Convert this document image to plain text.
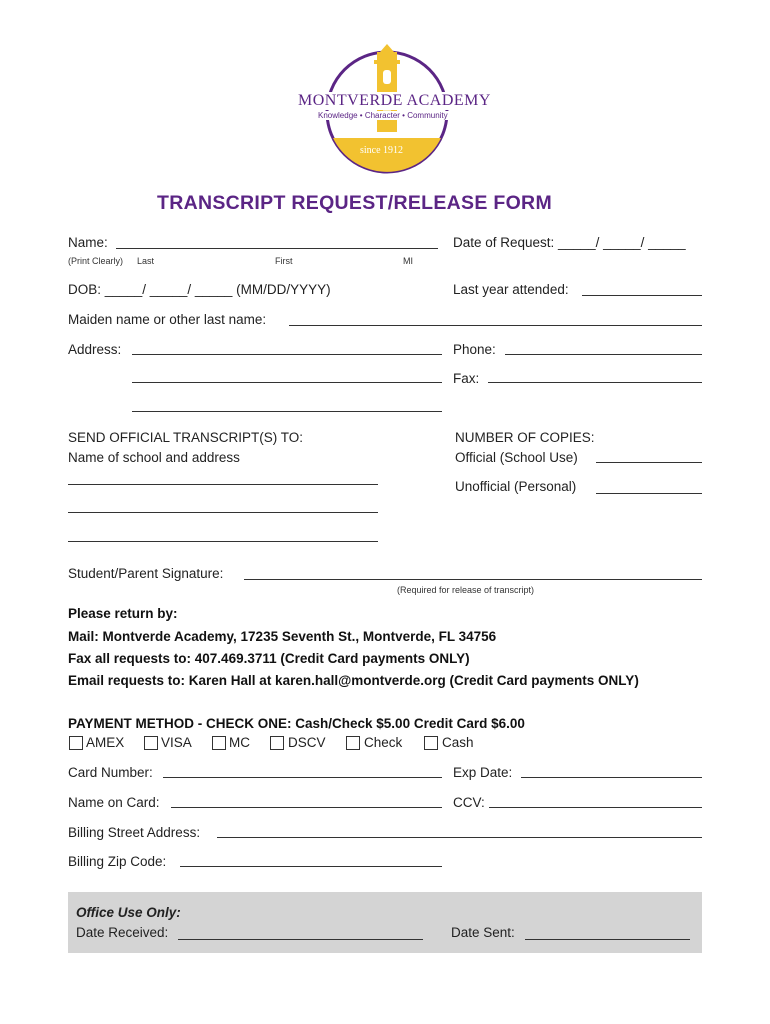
MONTVERDE ACADEMY
Knowledge • Character • Community
since 1912
TRANSCRIPT REQUEST/RELEASE FORM
Name:	Date of Request: _____/ _____/ _____
(Print Clearly) Last	First	MI
DOB: _____/ _____/ _____ (MM/DD/YYYY)	Last year attended:
Maiden name or other last name:
Address:	Phone:
Fax:
SEND OFFICIAL TRANSCRIPT(S) TO:
Name of school and address
NUMBER OF COPIES:
Official (School Use)
Unofficial (Personal)
Student/Parent Signature:
(Required for release of transcript)
Please return by:
Mail: Montverde Academy, 17235 Seventh St., Montverde, FL 34756
Fax all requests to: 407.469.3711 (Credit Card payments ONLY)
Email requests to: Karen Hall at karen.hall@montverde.org (Credit Card payments ONLY)
PAYMENT METHOD - CHECK ONE: Cash/Check $5.00 Credit Card $6.00
AMEX	VISA	MC	DSCV	Check	Cash
Card Number:	Exp Date:
Name on Card:	CCV:
Billing Street Address:
Billing Zip Code:
Office Use Only:
Date Received:	Date Sent:
